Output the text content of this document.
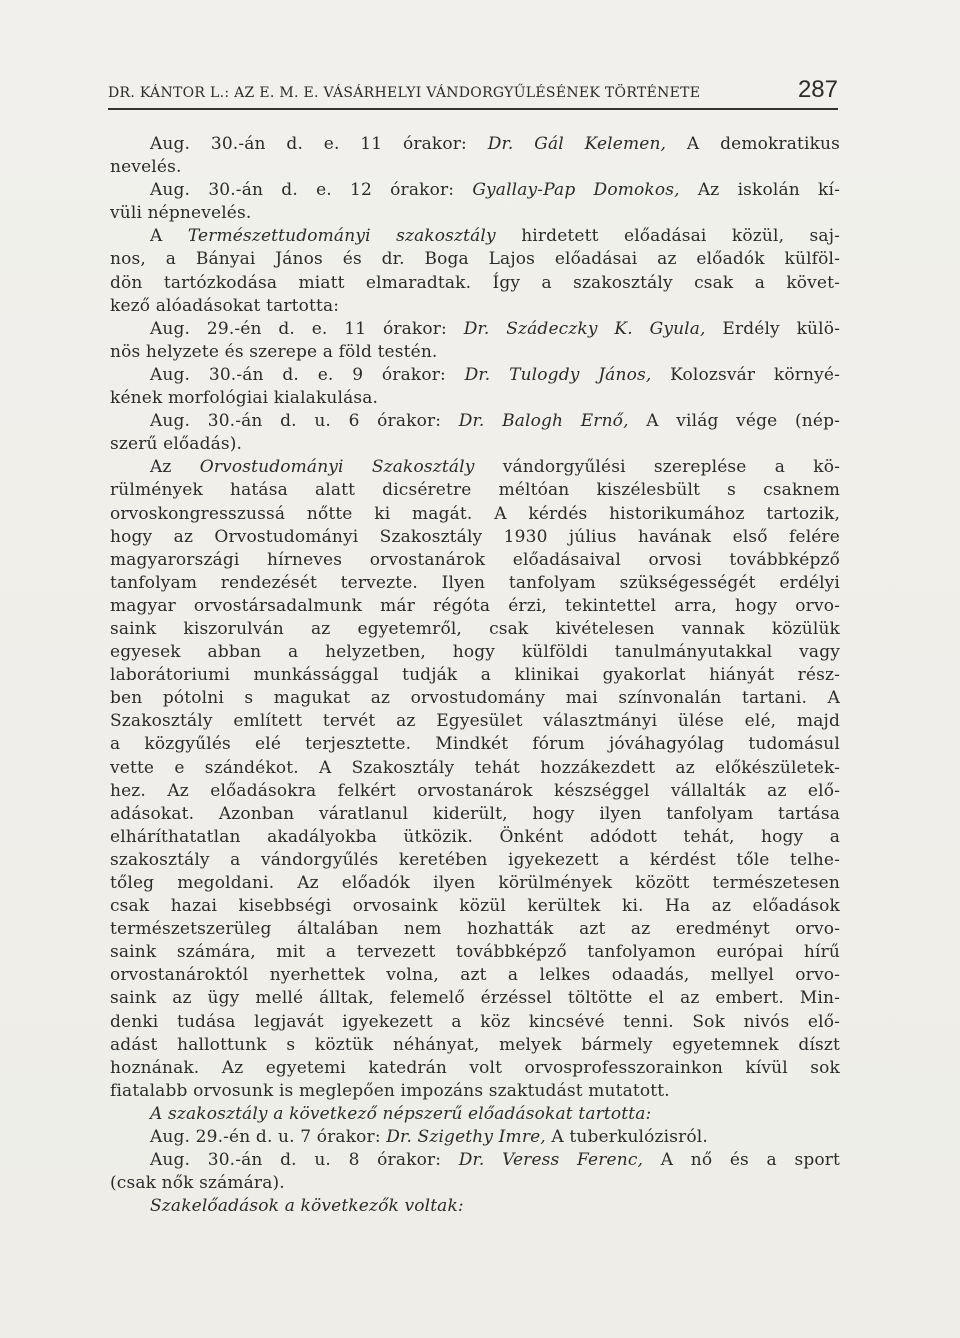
DR. KÁNTOR L.: AZ E. M. E. VÁSÁRHELYI VÁNDORGYŰLÉSÉNEK TÖRTÉNETE	287
Aug. 30.-án d. e. 11 órakor: Dr. Gál Kelemen, A demokratikus
nevelés.
Aug. 30.-án d. e. 12 órakor: Gyallay-Pap Domokos, Az iskolán kí-
vüli népnevelés.
A Természettudományi szakosztály hirdetett előadásai közül, saj-
nos, a Bányai János és dr. Boga Lajos előadásai az előadók külföl-
dön tartózkodása miatt elmaradtak. Így a szakosztály csak a követ-
kező alóadásokat tartotta:
Aug. 29.-én d. e. 11 órakor: Dr. Szádeczky K. Gyula, Erdély külö-
nös helyzete és szerepe a föld testén.
Aug. 30.-án d. e. 9 órakor: Dr. Tulogdy János, Kolozsvár környé-
kének morfológiai kialakulása.
Aug. 30.-án d. u. 6 órakor: Dr. Balogh Ernő, A világ vége (nép-
szerű előadás).
Az Orvostudományi Szakosztály vándorgyűlési szereplése a kö-
rülmények hatása alatt dicséretre méltóan kiszélesbült s csaknem
orvoskongresszussá nőtte ki magát. A kérdés historikumához tartozik,
hogy az Orvostudományi Szakosztály 1930 július havának első felére
magyarországi hírneves orvostanárok előadásaival orvosi továbbképző
tanfolyam rendezését tervezte. Ilyen tanfolyam szükségességét erdélyi
magyar orvostársadalmunk már régóta érzi, tekintettel arra, hogy orvo-
saink kiszorulván az egyetemről, csak kivételesen vannak közülük
egyesek abban a helyzetben, hogy külföldi tanulmányutakkal vagy
laborátoriumi munkássággal tudják a klinikai gyakorlat hiányát rész-
ben pótolni s magukat az orvostudomány mai színvonalán tartani. A
Szakosztály említett tervét az Egyesület választmányi ülése elé, majd
a közgyűlés elé terjesztette. Mindkét fórum jóváhagyólag tudomásul
vette e szándékot. A Szakosztály tehát hozzákezdett az előkészületek-
hez. Az előadásokra felkért orvostanárok készséggel vállalták az elő-
adásokat. Azonban váratlanul kiderült, hogy ilyen tanfolyam tartása
elháríthatatlan akadályokba ütközik. Önként adódott tehát, hogy a
szakosztály a vándorgyűlés keretében igyekezett a kérdést tőle telhe-
tőleg megoldani. Az előadók ilyen körülmények között természetesen
csak hazai kisebbségi orvosaink közül kerültek ki. Ha az előadások
természetszerüleg általában nem hozhatták azt az eredményt orvo-
saink számára, mit a tervezett továbbképző tanfolyamon európai hírű
orvostanároktól nyerhettek volna, azt a lelkes odaadás, mellyel orvo-
saink az ügy mellé álltak, felemelő érzéssel töltötte el az embert. Min-
denki tudása legjavát igyekezett a köz kincsévé tenni. Sok nivós elő-
adást hallottunk s köztük néhányat, melyek bármely egyetemnek díszt
hoznának. Az egyetemi katedrán volt orvosprofesszorainkon kívül sok
fiatalabb orvosunk is meglepően impozáns szaktudást mutatott.
A szakosztály a következő népszerű előadásokat tartotta:
Aug. 29.-én d. u. 7 órakor: Dr. Szigethy Imre, A tuberkulózisról.
Aug. 30.-án d. u. 8 órakor: Dr. Veress Ferenc, A nő és a sport
(csak nők számára).
Szakelőadások a következők voltak:
